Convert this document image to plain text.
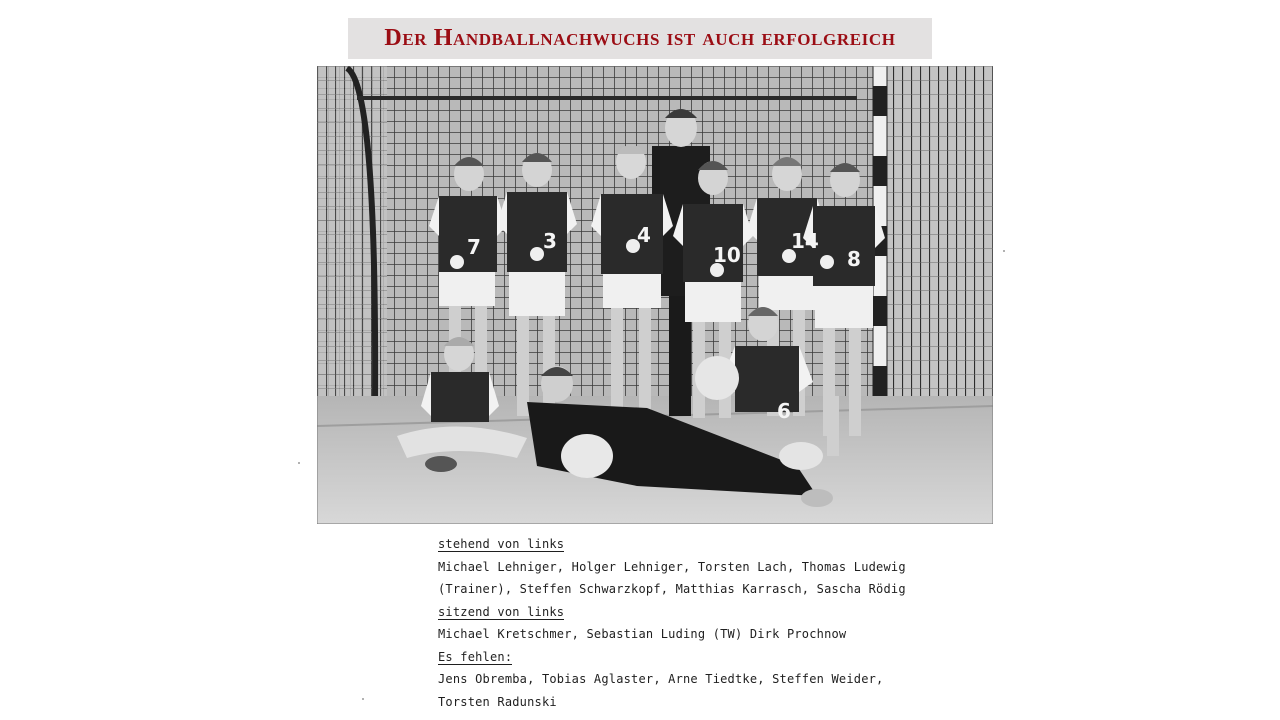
Der Handballnachwuchs ist auch erfolgreich
7	3	4
10
14
8
6
stehend von links
Michael Lehniger, Holger Lehniger, Torsten Lach, Thomas Ludewig
(Trainer), Steffen Schwarzkopf, Matthias Karrasch, Sascha Rödig
sitzend von links
Michael Kretschmer, Sebastian Luding (TW) Dirk Prochnow
Es fehlen:
Jens Obremba, Tobias Aglaster, Arne Tiedtke, Steffen Weider,
Torsten Radunski
